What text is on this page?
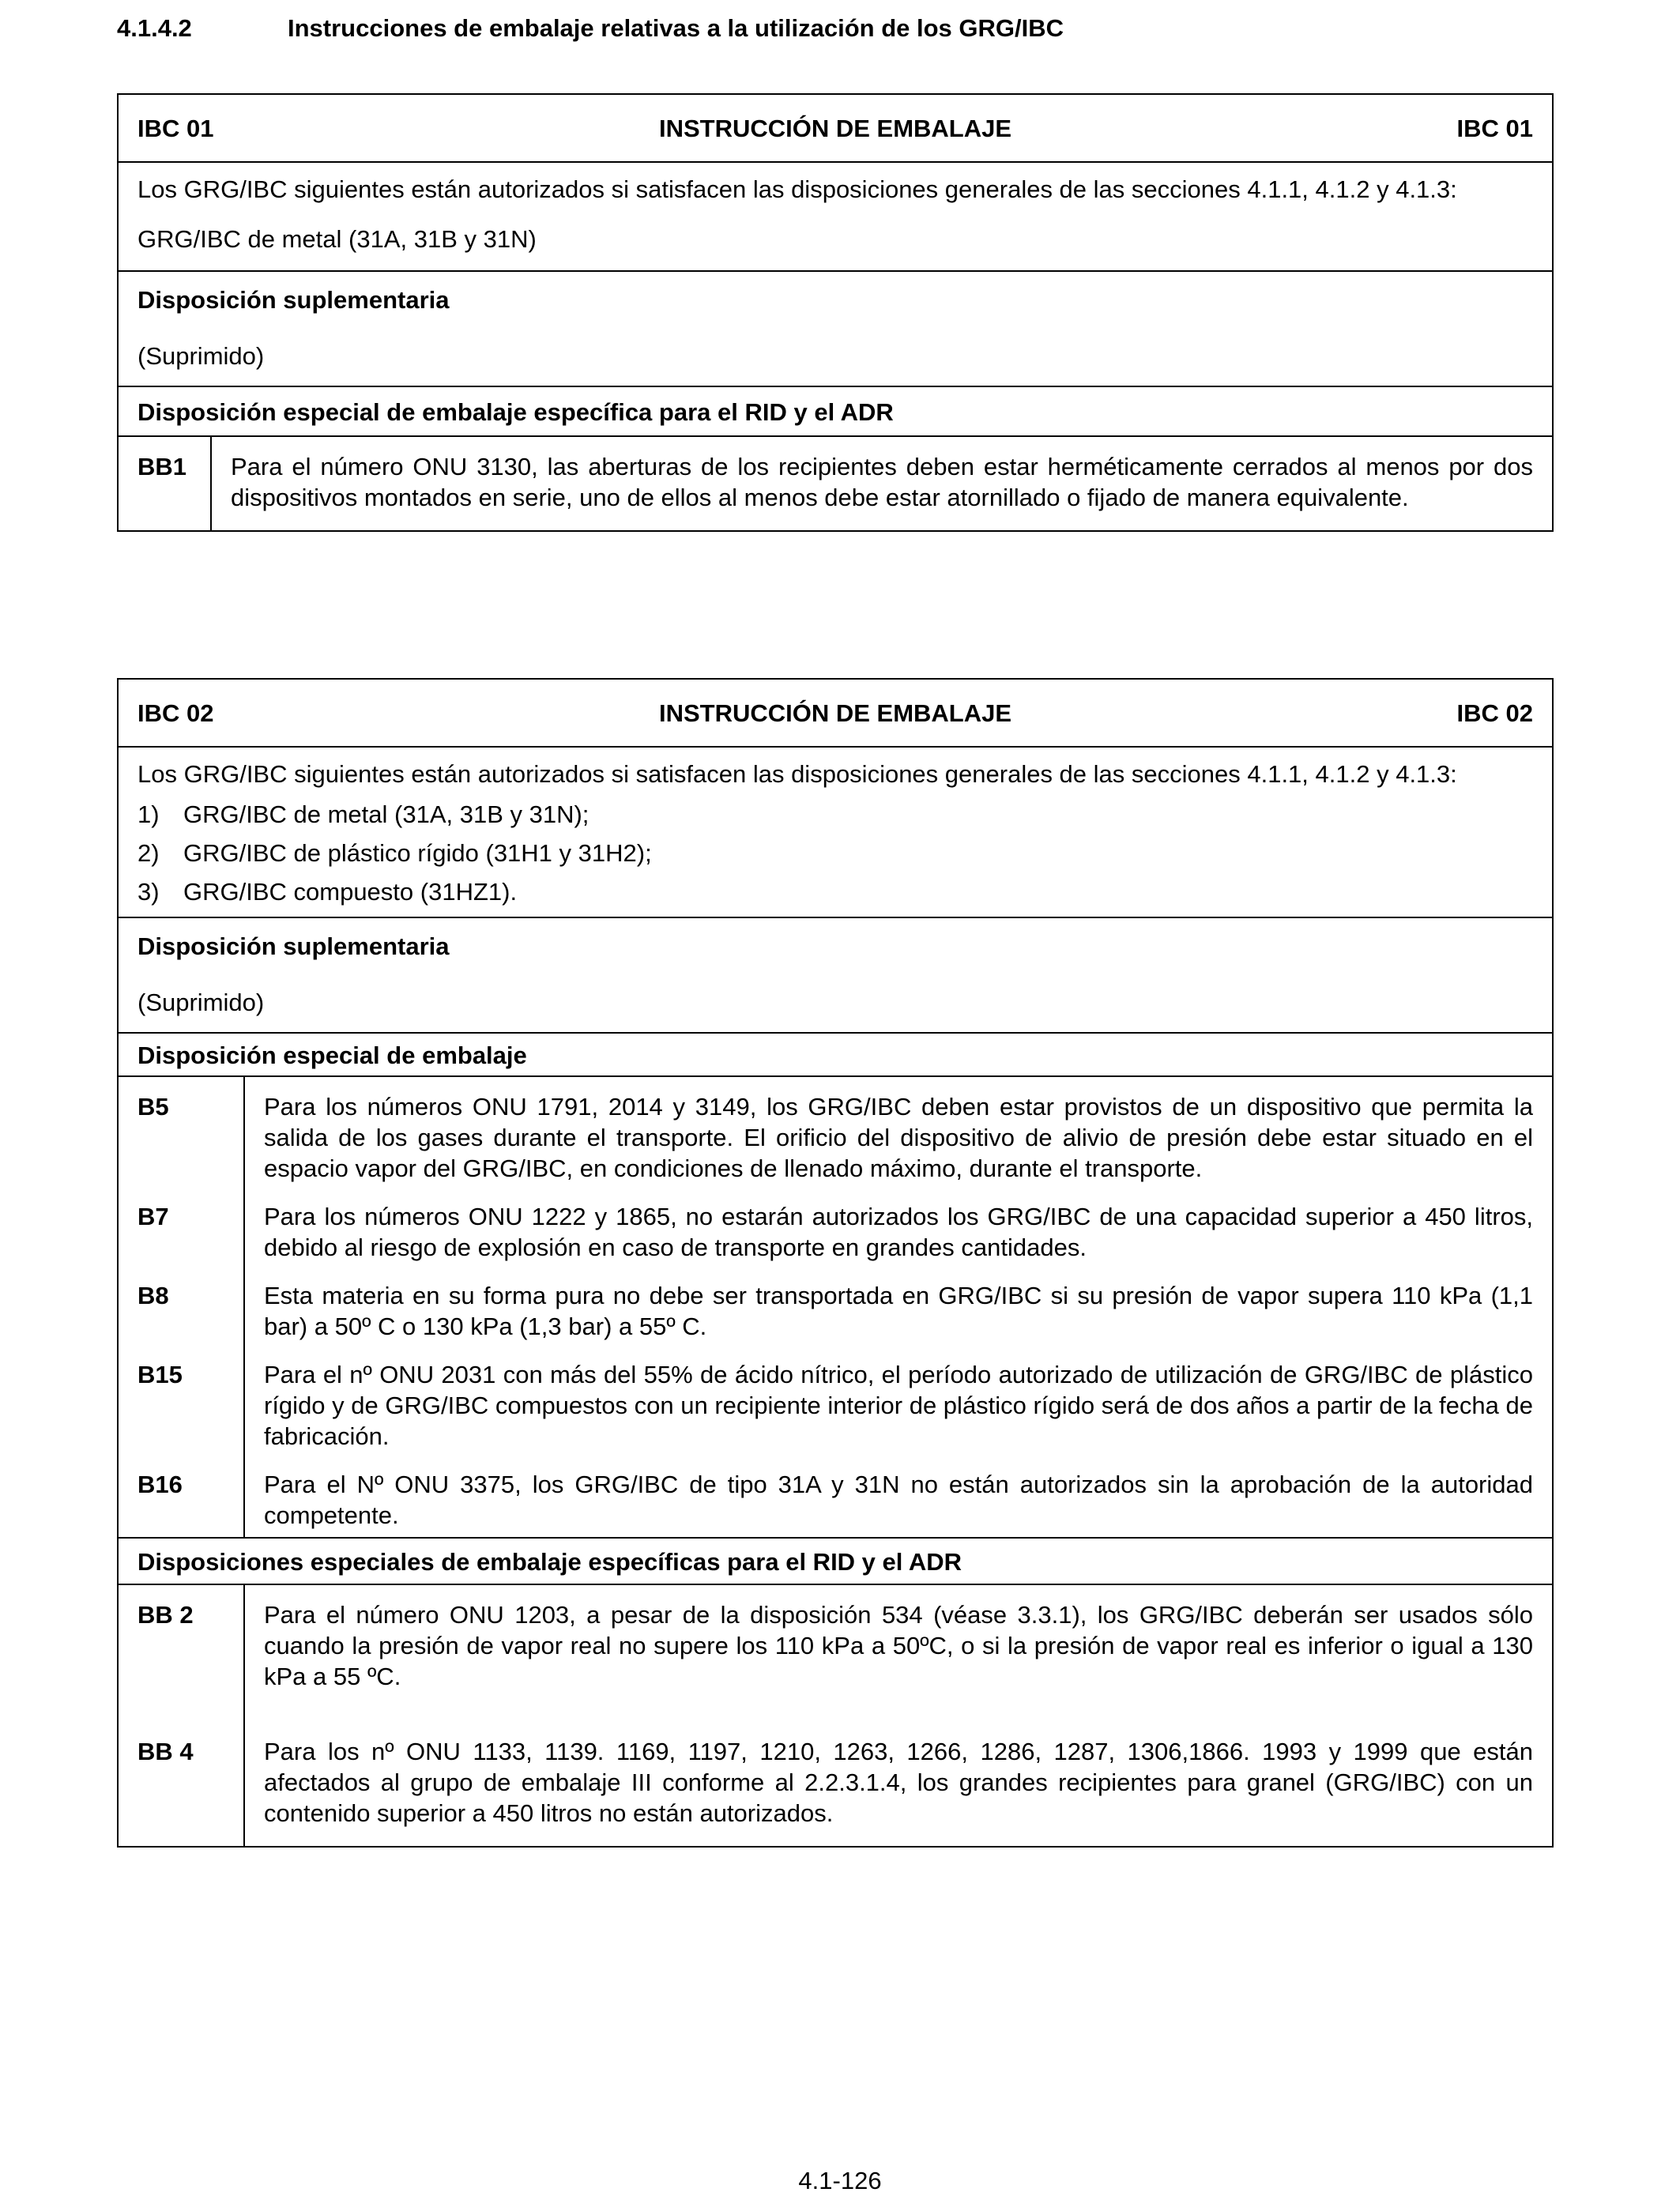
4.1.4.2	Instrucciones de embalaje relativas a la utilización de los GRG/IBC
IBC 01	INSTRUCCIÓN DE EMBALAJE	IBC 01

Los GRG/IBC siguientes están autorizados si satisfacen las disposiciones generales de las secciones 4.1.1, 4.1.2 y 4.1.3:

GRG/IBC de metal (31A, 31B y 31N)

Disposición suplementaria

(Suprimido)

Disposición especial de embalaje específica para el RID y el ADR

BB1	Para el número ONU 3130, las aberturas de los recipientes deben estar herméticamente cerrados al menos por dos dispositivos montados en serie, uno de ellos al menos debe estar atornillado o fijado de manera equivalente.
IBC 02	INSTRUCCIÓN DE EMBALAJE	IBC 02

Los GRG/IBC siguientes están autorizados si satisfacen las disposiciones generales de las secciones 4.1.1, 4.1.2 y 4.1.3:

1) GRG/IBC de metal (31A, 31B y 31N);
2) GRG/IBC de plástico rígido (31H1 y 31H2);
3) GRG/IBC compuesto (31HZ1).

Disposición suplementaria

(Suprimido)

Disposición especial de embalaje

B5	Para los números ONU 1791, 2014 y 3149, los GRG/IBC deben estar provistos de un dispositivo que permita la salida de los gases durante el transporte. El orificio del dispositivo de alivio de presión debe estar situado en el espacio vapor del GRG/IBC, en condiciones de llenado máximo, durante el transporte.
B7	Para los números ONU 1222 y 1865, no estarán autorizados los GRG/IBC de una capacidad superior a 450 litros, debido al riesgo de explosión en caso de transporte en grandes cantidades.
B8	Esta materia en su forma pura no debe ser transportada en GRG/IBC si su presión de vapor supera 110 kPa (1,1 bar) a 50º C o 130 kPa (1,3 bar) a 55º C.
B15	Para el nº ONU 2031 con más del 55% de ácido nítrico, el período autorizado de utilización de GRG/IBC de plástico rígido y de GRG/IBC compuestos con un recipiente interior de plástico rígido será de dos años a partir de la fecha de fabricación.
B16	Para el Nº ONU 3375, los GRG/IBC de tipo 31A y 31N no están autorizados sin la aprobación de la autoridad competente.

Disposiciones especiales de embalaje específicas para el RID y el ADR

BB 2	Para el número ONU 1203, a pesar de la disposición 534 (véase 3.3.1), los GRG/IBC deberán ser usados sólo cuando la presión de vapor real no supere los 110 kPa a 50ºC, o si la presión de vapor real es inferior o igual a 130 kPa a 55 ºC.
BB 4	Para los nº ONU 1133, 1139. 1169, 1197, 1210, 1263, 1266, 1286, 1287, 1306,1866. 1993 y 1999 que están afectados al grupo de embalaje III conforme al 2.2.3.1.4, los grandes recipientes para granel (GRG/IBC) con un contenido superior a 450 litros no están autorizados.
4.1-126
